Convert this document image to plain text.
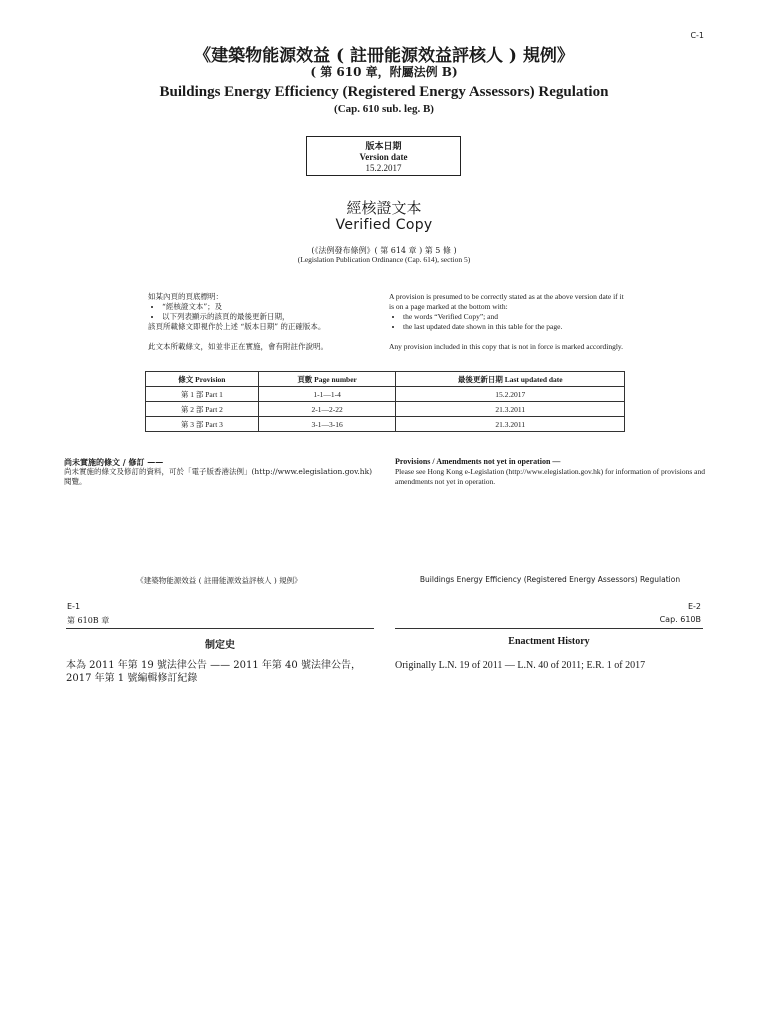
C-1
《建築物能源效益 ( 註冊能源效益評核人 ) 規例》
( 第 610 章，附屬法例 B)
Buildings Energy Efficiency (Registered Energy Assessors) Regulation
(Cap. 610 sub. leg. B)
版本日期
Version date
15.2.2017
經核證文本
Verified Copy
(《法例發布條例》( 第 614 章 ) 第 5 條 )
(Legislation Publication Ordinance (Cap. 614), section 5)

如某內頁的頁底標明：

• “經核證文本”；及
• 以下列表顯示的該頁的最後更新日期，

該頁所載條文即視作於上述 “版本日期” 的正確版本。

此文本所載條文，如並非正在實施，會有附註作說明。

A provision is presumed to be correctly stated as at the above version date if it is on a page marked at the bottom with:

• the words “Verified Copy”; and
• the last updated date shown in this table for the page.

Any provision included in this copy that is not in force is marked accordingly.

條文 Provision	頁數 Page number	最後更新日期 Last updated date
第 1 部 Part 1	1-1—1-4	15.2.2017
第 2 部 Part 2	2-1—2-22	21.3.2011
第 3 部 Part 3	3-1—3-16	21.3.2011
尚未實施的條文 / 修訂 ——
尚未實施的條文及修訂的資料，可於「電子版香港法例」(http://www.elegislation.gov.hk) 閱覽。
Provisions / Amendments not yet in operation —
Please see Hong Kong e-Legislation (http://www.elegislation.gov.hk) for information of provisions and amendments not yet in operation.
《建築物能源效益 ( 註冊能源效益評核人 ) 規例》	Buildings Energy Efficiency (Registered Energy Assessors) Regulation
E-1
第 610B 章
E-2
Cap. 610B
制定史	Enactment History
本為 2011 年第 19 號法律公告 —— 2011 年第 40 號法律公告，2017 年第 1 號編輯修訂紀錄
Originally L.N. 19 of 2011 — L.N. 40 of 2011; E.R. 1 of 2017
